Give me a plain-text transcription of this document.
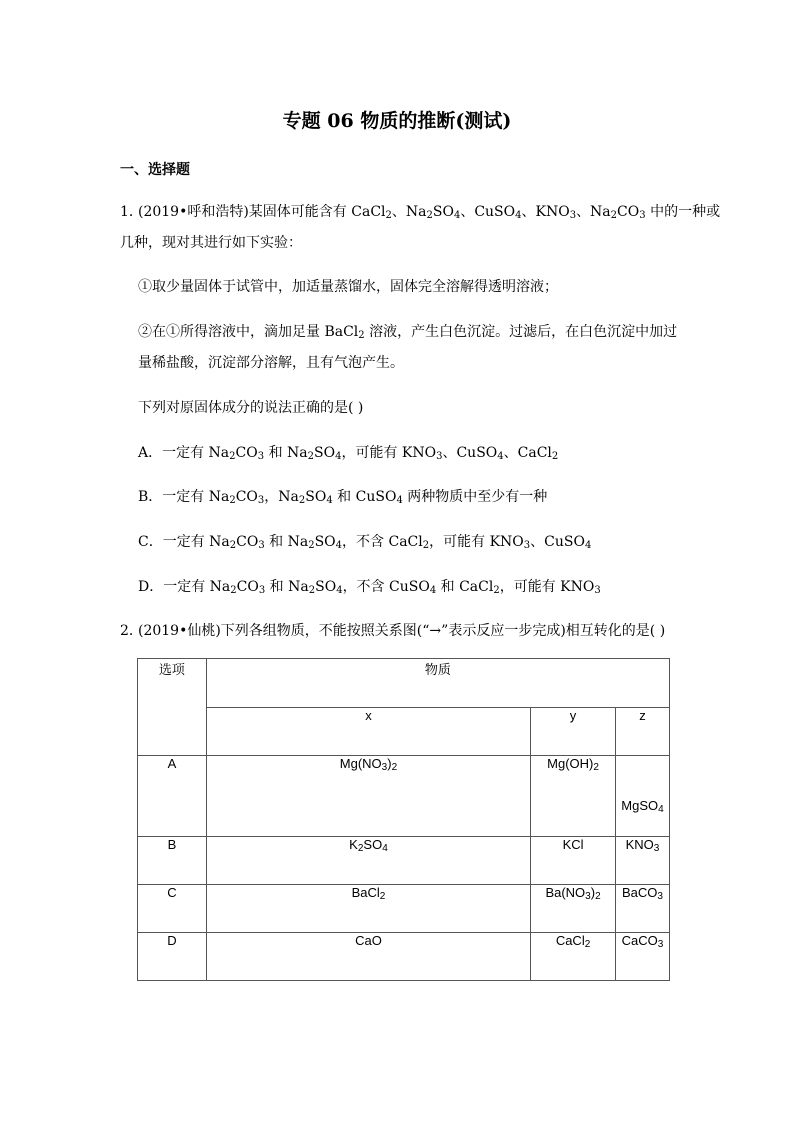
专题 06 物质的推断(测试)
一、选择题
1．
(2019•呼和浩特)某固体可能含有 CaCl$_2$、$Na_2SO_4$、CuSO$_4$、$KNO_3$、$Na_2CO_3$ 中的一种或
几种，现对其进行如下实验：
①取少量固体于试管中，加适量蒸馏水，固体完全溶解得透明溶液；
②在①所得溶液中，滴加足量 BaCl$_2$ 溶液，产生白色沉淀。过滤后，在白色沉淀中加过
量稀盐酸，沉淀部分溶解，且有气泡产生。
下列对原固体成分的说法正确的是( )
A．一定有 $Na_2CO_3$ 和 $Na_2SO_4$，可能有 $KNO_3$、CuSO$_4$、CaCl$_2$
B．一定有 $Na_2CO_3$，$Na_2SO_4$ 和 CuSO$_4$ 两种物质中至少有一种
C．一定有 $Na_2CO_3$ 和 $Na_2SO_4$，不含 CaCl$_2$，可能有 $KNO_3$、CuSO$_4$
D．一定有 $Na_2CO_3$ 和 $Na_2SO_4$，不含 CuSO$_4$ 和 CaCl$_2$，可能有 $KNO_3$
2．
(2019•仙桃)下列各组物质，不能按照关系图(“→”表示反应一步完成)相互转化的是( )
选项	物质		
	x	y	z
A	$Mg(NO_3)_2$	$Mg(OH)_2$	MgSO$_4$
B	$K_2SO_4$	KCl	$KNO_3$
C	BaCl$_2$	$Ba(NO_3)_2$	BaCO$_3$
D	CaO	CaCl$_2$	CaCO$_3$
